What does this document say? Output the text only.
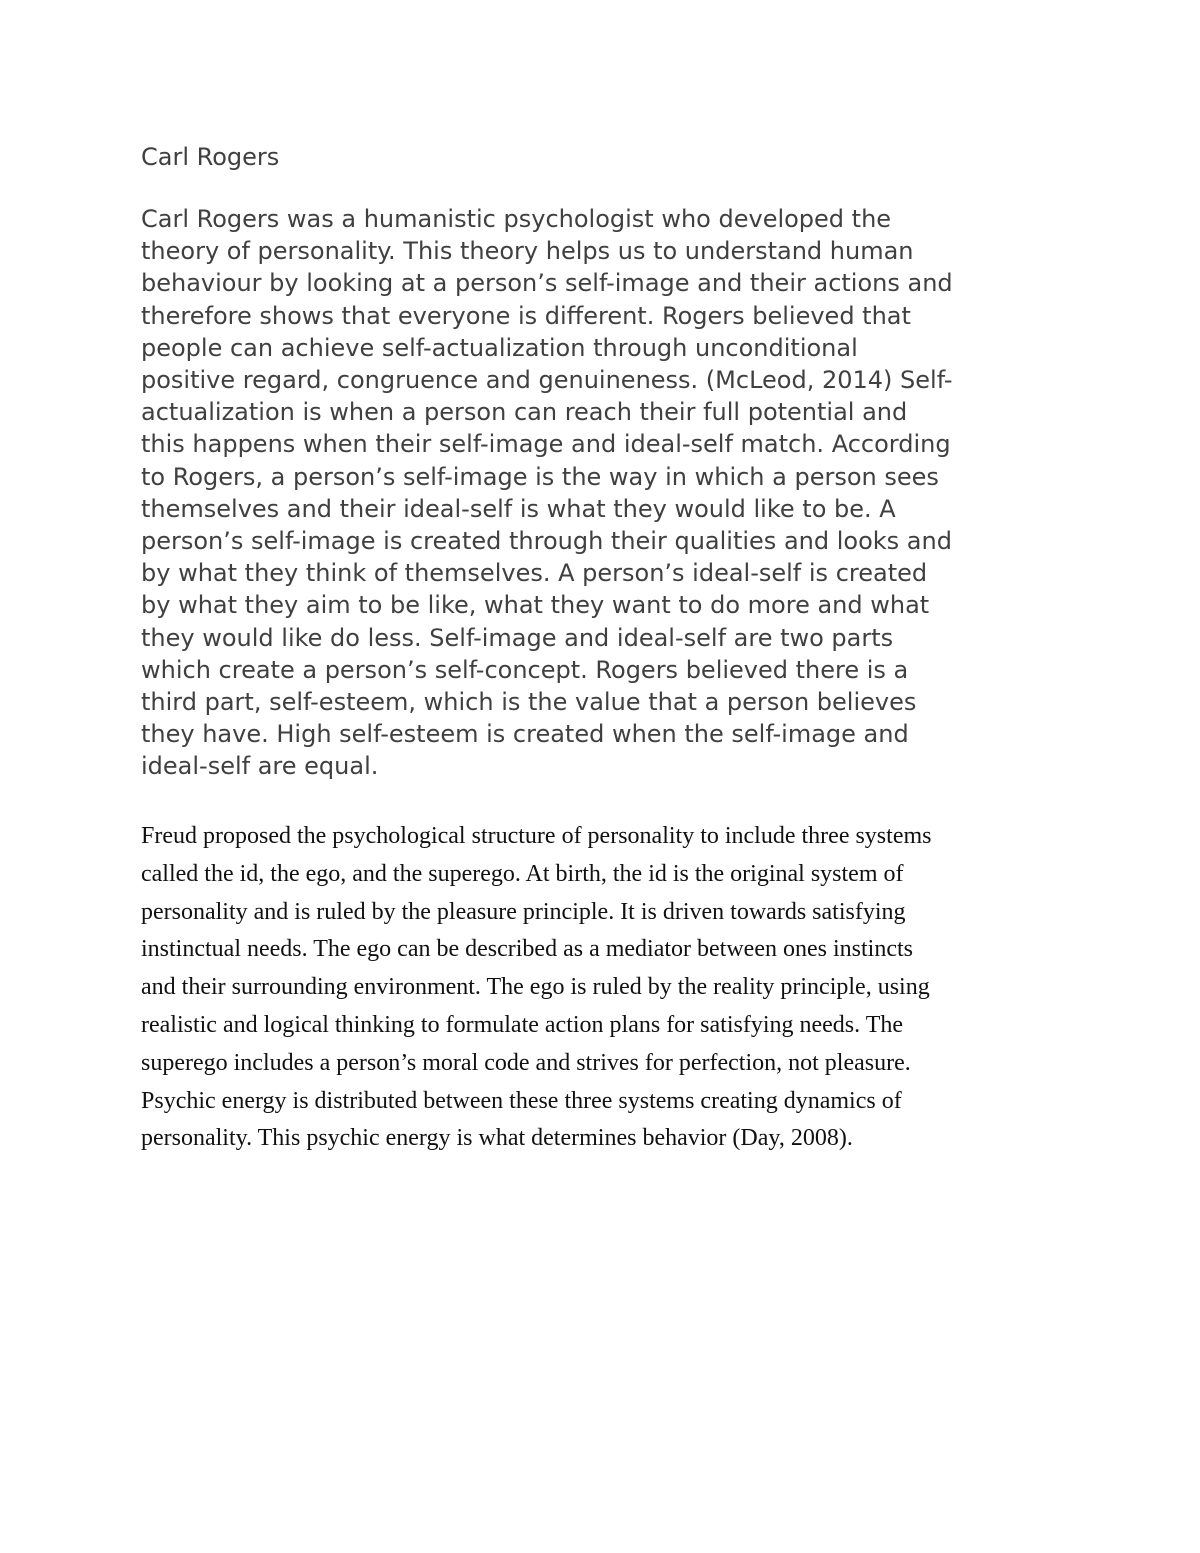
Carl Rogers
Carl Rogers was a humanistic psychologist who developed the
theory of personality. This theory helps us to understand human
behaviour by looking at a person’s self-image and their actions and
therefore shows that everyone is different. Rogers believed that
people can achieve self-actualization through unconditional
positive regard, congruence and genuineness. (McLeod, 2014) Self-
actualization is when a person can reach their full potential and
this happens when their self-image and ideal-self match. According
to Rogers, a person’s self-image is the way in which a person sees
themselves and their ideal-self is what they would like to be. A
person’s self-image is created through their qualities and looks and
by what they think of themselves. A person’s ideal-self is created
by what they aim to be like, what they want to do more and what
they would like do less. Self-image and ideal-self are two parts
which create a person’s self-concept. Rogers believed there is a
third part, self-esteem, which is the value that a person believes
they have. High self-esteem is created when the self-image and
ideal-self are equal.
Freud proposed the psychological structure of personality to include three systems
called the id, the ego, and the superego. At birth, the id is the original system of
personality and is ruled by the pleasure principle. It is driven towards satisfying
instinctual needs. The ego can be described as a mediator between ones instincts
and their surrounding environment. The ego is ruled by the reality principle, using
realistic and logical thinking to formulate action plans for satisfying needs. The
superego includes a person’s moral code and strives for perfection, not pleasure.
Psychic energy is distributed between these three systems creating dynamics of
personality. This psychic energy is what determines behavior (Day, 2008).
